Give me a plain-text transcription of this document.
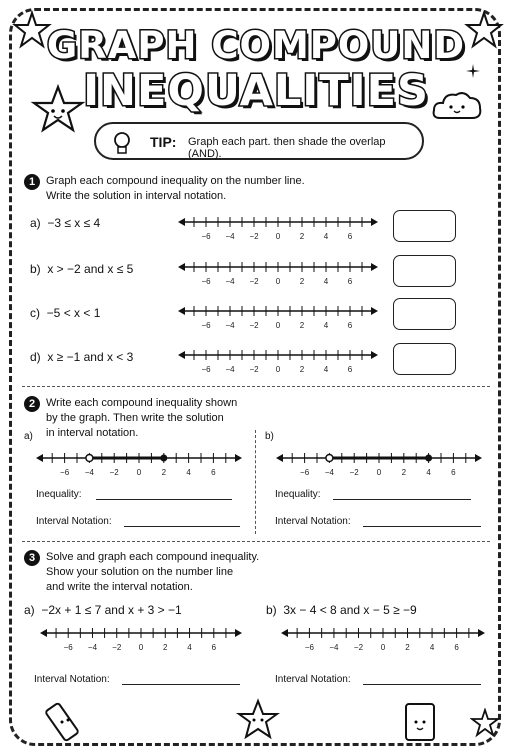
GRAPH COMPOUND
INEQUALITIES
TIP: Graph each part. then shade the overlap (AND).
1 Graph each compound inequality on the number line.
Write the solution in interval notation.
a) −3 ≤ x ≤ 4
b) x > −2 and x ≤ 5
c) −5 < x < 1
d) x ≥ −1 and x < 3
−6 −4 −2 0 2 4 6
−6 −4 −2 0 2 4 6
−6 −4 −2 0 2 4 6
−6 −4 −2 0 2 4 6
2 Write each compound inequality shown
by the graph. Then write the solution
in interval notation.
a)	b)
−6 −4 −2 0	2	4	6	−6 −4 −2 0	2	4	6
Inequality:
Interval Notation:
Inequality:
Interval Notation:
3 Solve and graph each compound inequality.
Show your solution on the number line
and write the interval notation.
a) −2x + 1 ≤ 7 and x + 3 > −1	b) 3x − 4 < 8 and x − 5 ≥ −9
−6 −4 −2 0 2 4 6	−6 −4 −2 0	2	4	6
Interval Notation:	Interval Notation:
